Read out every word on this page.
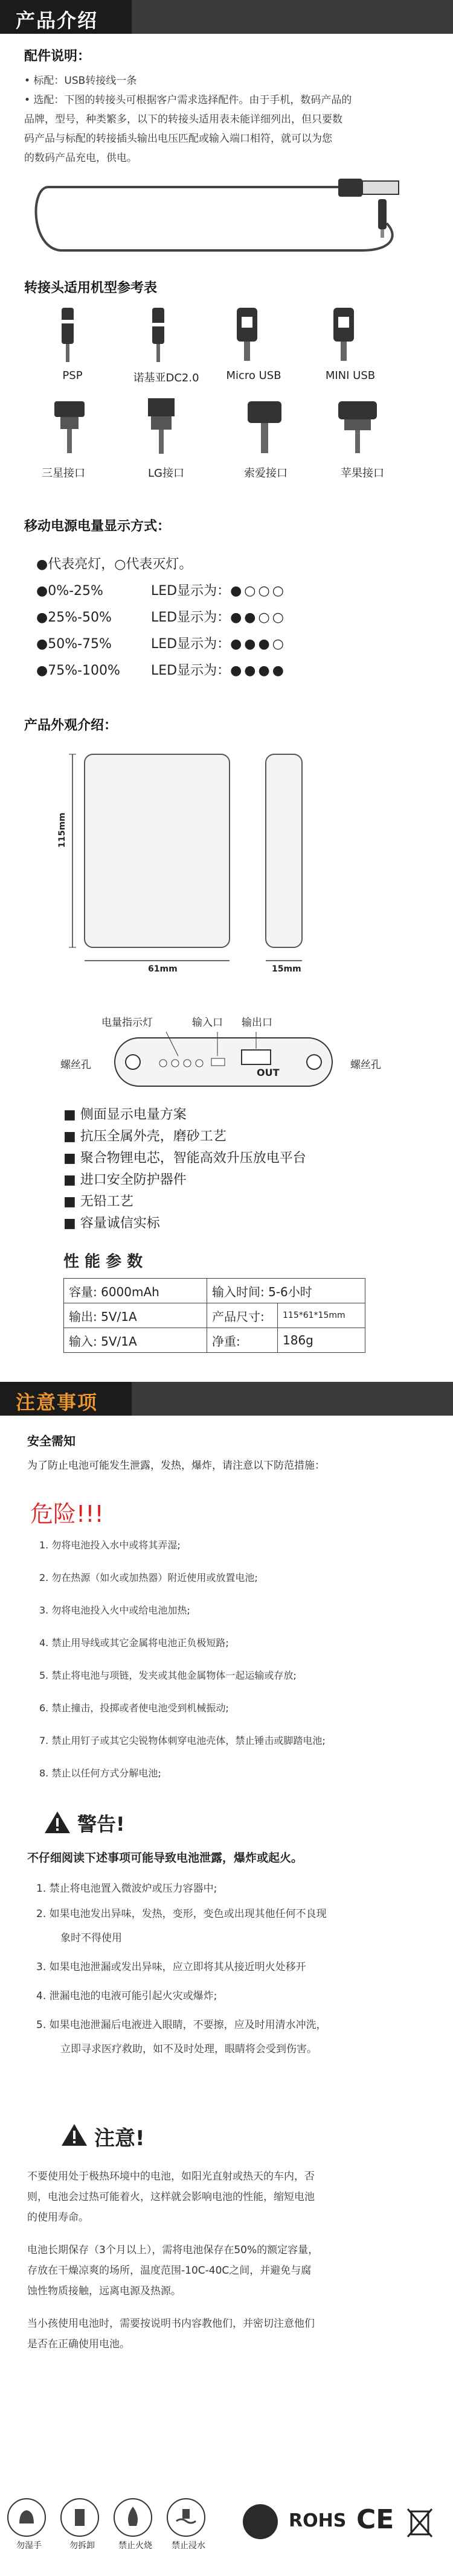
产品介绍
配件说明：
• 标配：USB转接线一条
• 选配：下图的转接头可根据客户需求选择配件。由于手机，数码产品的
品牌，型号，种类繁多，以下的转接头适用表未能详细列出，但只要数
码产品与标配的转接插头输出电压匹配或输入端口相符，就可以为您
的数码产品充电，供电。
转接头适用机型参考表
PSP	诺基亚DC2.0	Micro USB	MINI USB
三星接口	LG接口	索爱接口	苹果接口
移动电源电量显示方式：
●代表亮灯，○代表灭灯。
●0%-25%	LED显示为：●○○○
●25%-50%	LED显示为：●●○○
●50%-75%	LED显示为：●●●○
●75%-100% LED显示为：●●●●
产品外观介绍：
115mm
61mm	15mm
电量指示灯	输入口 输出口
OUT
螺丝孔	螺丝孔
■ 侧面显示电量方案
■ 抗压全属外壳，磨砂工艺
■ 聚合物锂电芯，智能高效升压放电平台
■ 进口安全防护器件
■ 无铅工艺
■ 容量诚信实标
性 能 参 数
容量: 6000mAh	输入时间: 5-6小时	
输出: 5V/1A	产品尺寸:	115*61*15mm
输入: 5V/1A	净重:	186g
注意事项
安全需知
为了防止电池可能发生泄露，发热，爆炸，请注意以下防范措施：
危险!!!
1. 勿将电池投入水中或将其弄湿;
2. 勿在热源（如火或加热器）附近使用或放置电池;
3. 勿将电池投入火中或给电池加热;
4. 禁止用导线或其它金属将电池正负极短路;
5. 禁止将电池与项链，发夹或其他金属物体一起运输或存放;
6. 禁止撞击，投掷或者使电池受到机械振动;
7. 禁止用钉子或其它尖锐物体刺穿电池壳体，禁止锤击或脚踏电池;
8. 禁止以任何方式分解电池;
警告!
不仔细阅读下述事项可能导致电池泄露，爆炸或起火。
1. 禁止将电池置入微波炉或压力容器中;
2. 如果电池发出异味，发热，变形，变色或出现其他任何不良现
象时不得使用
3. 如果电池泄漏或发出异味，应立即将其从接近明火处移开
4. 泄漏电池的电液可能引起火灾或爆炸;
5. 如果电池泄漏后电液进入眼睛，不要擦，应及时用清水冲洗，
立即寻求医疗救助，如不及时处理，眼睛将会受到伤害。
注意!
不要使用处于极热环境中的电池，如阳光直射或热天的车内，否
则，电池会过热可能着火，这样就会影响电池的性能，缩短电池
的使用寿命。
电池长期保存（3个月以上），需将电池保存在50%的额定容量，
存放在干燥凉爽的场所，温度范围-10C-40C之间，并避免与腐
蚀性物质接触，远离电源及热源。
当小孩使用电池时，需要按说明书内容教他们，并密切注意他们
是否在正确使用电池。
勿湿手	勿拆卸	禁止火烧	禁止浸水
ROHS CE
